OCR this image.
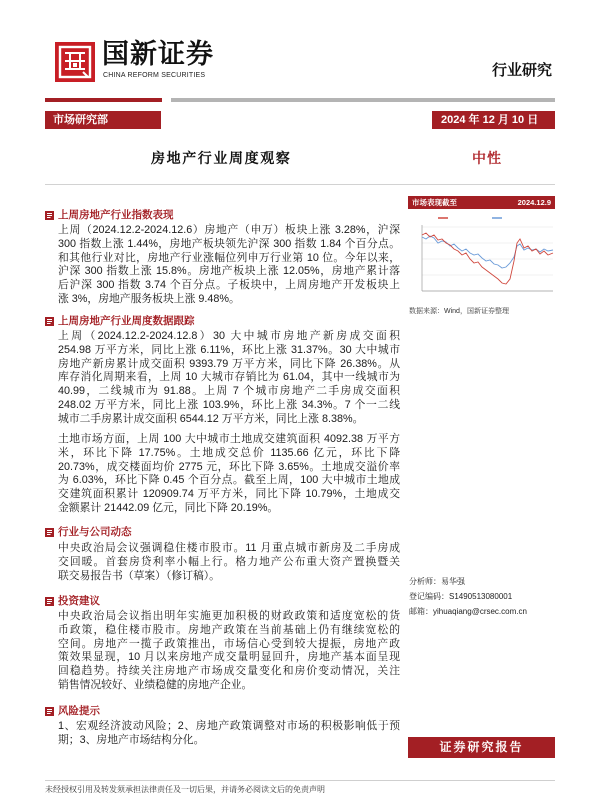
国新证券
CHINA REFORM SECURITIES	行业研究
市场研究部	2024 年 12 月 10 日
房地产行业周度观察	中性
上周房地产行业指数表现
上周（2024.12.2-2024.12.6）房地产（申万）板块上涨 3.28%，沪深
300 指数上涨 1.44%，房地产板块领先沪深 300 指数 1.84 个百分点。
和其他行业对比，房地产行业涨幅位列申万行业第 10 位。今年以来，
沪深 300 指数上涨 15.8%。房地产板块上涨 12.05%，房地产累计落
后沪深 300 指数 3.74 个百分点。子板块中，上周房地产开发板块上
涨 3%，房地产服务板块上涨 9.48%。
上周房地产行业周度数据跟踪
上周（2024.12.2-2024.12.8）30 大中城市房地产新房成交面积
254.98 万平方米，同比上涨 6.11%，环比上涨 31.37%。30 大中城市
房地产新房累计成交面积 9393.79 万平方米，同比下降 26.38%。从
库存消化周期来看，上周 10 大城市存销比为 61.04，其中一线城市为
40.99，二线城市为 91.88。上周 7 个城市房地产二手房成交面积
248.02 万平方米，同比上涨 103.9%，环比上涨 34.3%。7 个一二线
城市二手房累计成交面积 6544.12 万平方米，同比上涨 8.38%。
土地市场方面，上周 100 大中城市土地成交建筑面积 4092.38 万平方
米，环比下降 17.75%。土地成交总价 1135.66 亿元，环比下降
20.73%，成交楼面均价 2775 元，环比下降 3.65%。土地成交溢价率
为 6.03%，环比下降 0.45 个百分点。截至上周，100 大中城市土地成
交建筑面积累计 120909.74 万平方米，同比下降 10.79%，土地成交
金额累计 21442.09 亿元，同比下降 20.19%。
行业与公司动态
中央政治局会议强调稳住楼市股市。11 月重点城市新房及二手房成
交回暖。首套房贷利率小幅上行。格力地产公布重大资产置换暨关
联交易报告书（草案）（修订稿）。
投资建议
中央政治局会议指出明年实施更加积极的财政政策和适度宽松的货
币政策，稳住楼市股市。房地产政策在当前基础上仍有继续宽松的
空间。房地产一揽子政策推出，市场信心受到较大提振，房地产政
策效果显现，10 月以来房地产成交量明显回升，房地产基本面呈现
回稳趋势。持续关注房地产市场成交量变化和房价变动情况，关注
销售情况较好、业绩稳健的房地产企业。
风险提示
1、宏观经济波动风险；2、房地产政策调整对市场的积极影响低于预
期；3、房地产市场结构分化。
市场表现截至	2024.12.9
数据来源：Wind，国新证券整理
分析师：易华强
登记编码：S1490513080001
邮箱：yihuaqiang@crsec.com.cn
证券研究报告
未经授权引用及转发须承担法律责任及一切后果，并请务必阅读文后的免责声明
